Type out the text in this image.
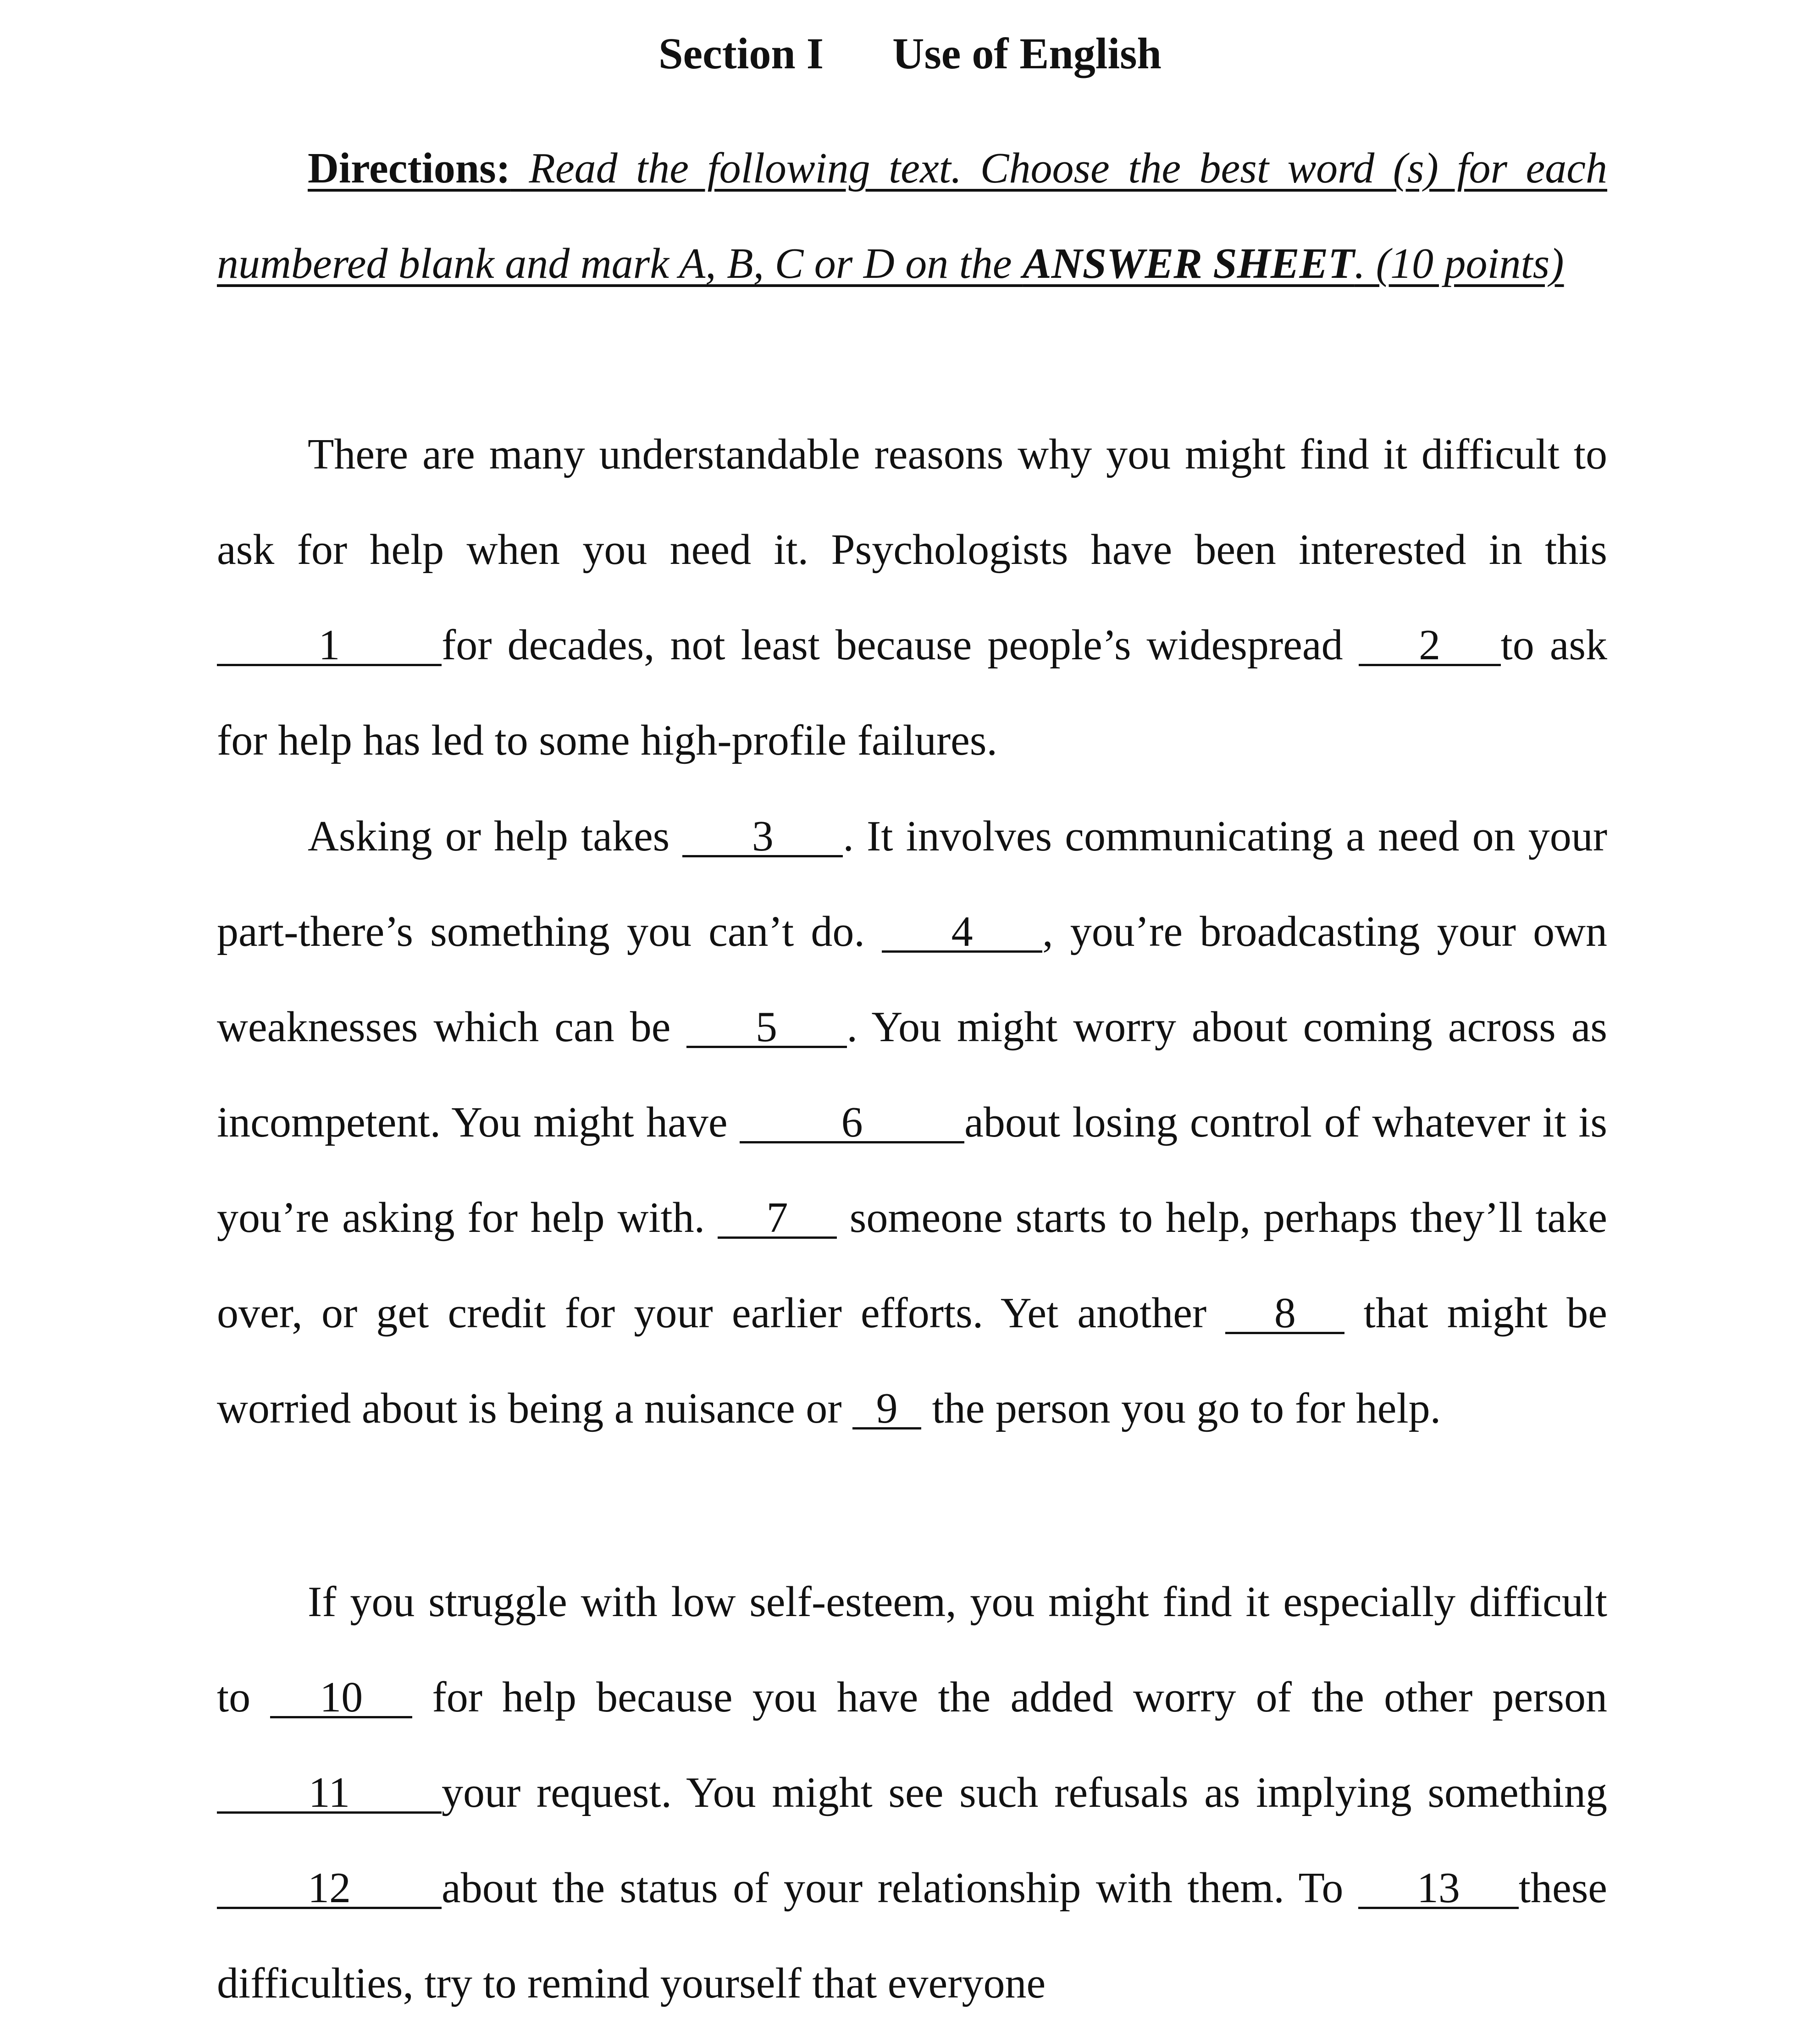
Section I Use of English
Directions: Read the following text. Choose the best word (s) for each numbered blank and mark A, B, C or D on the ANSWER SHEET. (10 points)
There are many understandable reasons why you might find it difficult to ask for help when you need it. Psychologists have been interested in this 1 for decades, not least because people’s widespread 2 to ask for help has led to some high-profile failures.
Asking or help takes 3 . It involves communicating a need on your part-there’s something you can’t do. 4 , you’re broadcasting your own weaknesses which can be 5 . You might worry about coming across as incompetent. You might have 6 about losing control of whatever it is you’re asking for help with. 7 someone starts to help, perhaps they’ll take over, or get credit for your earlier efforts. Yet another 8 that might be worried about is being a nuisance or 9 the person you go to for help.
If you struggle with low self-esteem, you might find it especially difficult to 10 for help because you have the added worry of the other person11 your request. You might see such refusals as implying something 12 about the status of your relationship with them. To 13 these difficulties, try to remind yourself that everyone
